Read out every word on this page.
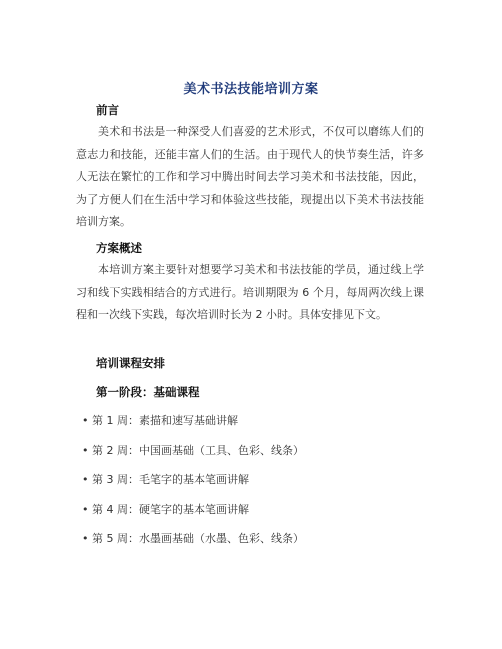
美术书法技能培训方案
前言

美术和书法是一种深受人们喜爱的艺术形式，不仅可以磨练人们的意志力和技能，还能丰富人们的生活。由于现代人的快节奏生活，许多人无法在繁忙的工作和学习中腾出时间去学习美术和书法技能，因此，为了方便人们在生活中学习和体验这些技能，现提出以下美术书法技能培训方案。

方案概述

本培训方案主要针对想要学习美术和书法技能的学员，通过线上学习和线下实践相结合的方式进行。培训期限为 6 个月，每周两次线上课程和一次线下实践，每次培训时长为 2 小时。具体安排见下文。

培训课程安排
第一阶段：基础课程
• 第 1 周：素描和速写基础讲解
• 第 2 周：中国画基础（工具、色彩、线条）
• 第 3 周：毛笔字的基本笔画讲解
• 第 4 周：硬笔字的基本笔画讲解
• 第 5 周：水墨画基础（水墨、色彩、线条）
